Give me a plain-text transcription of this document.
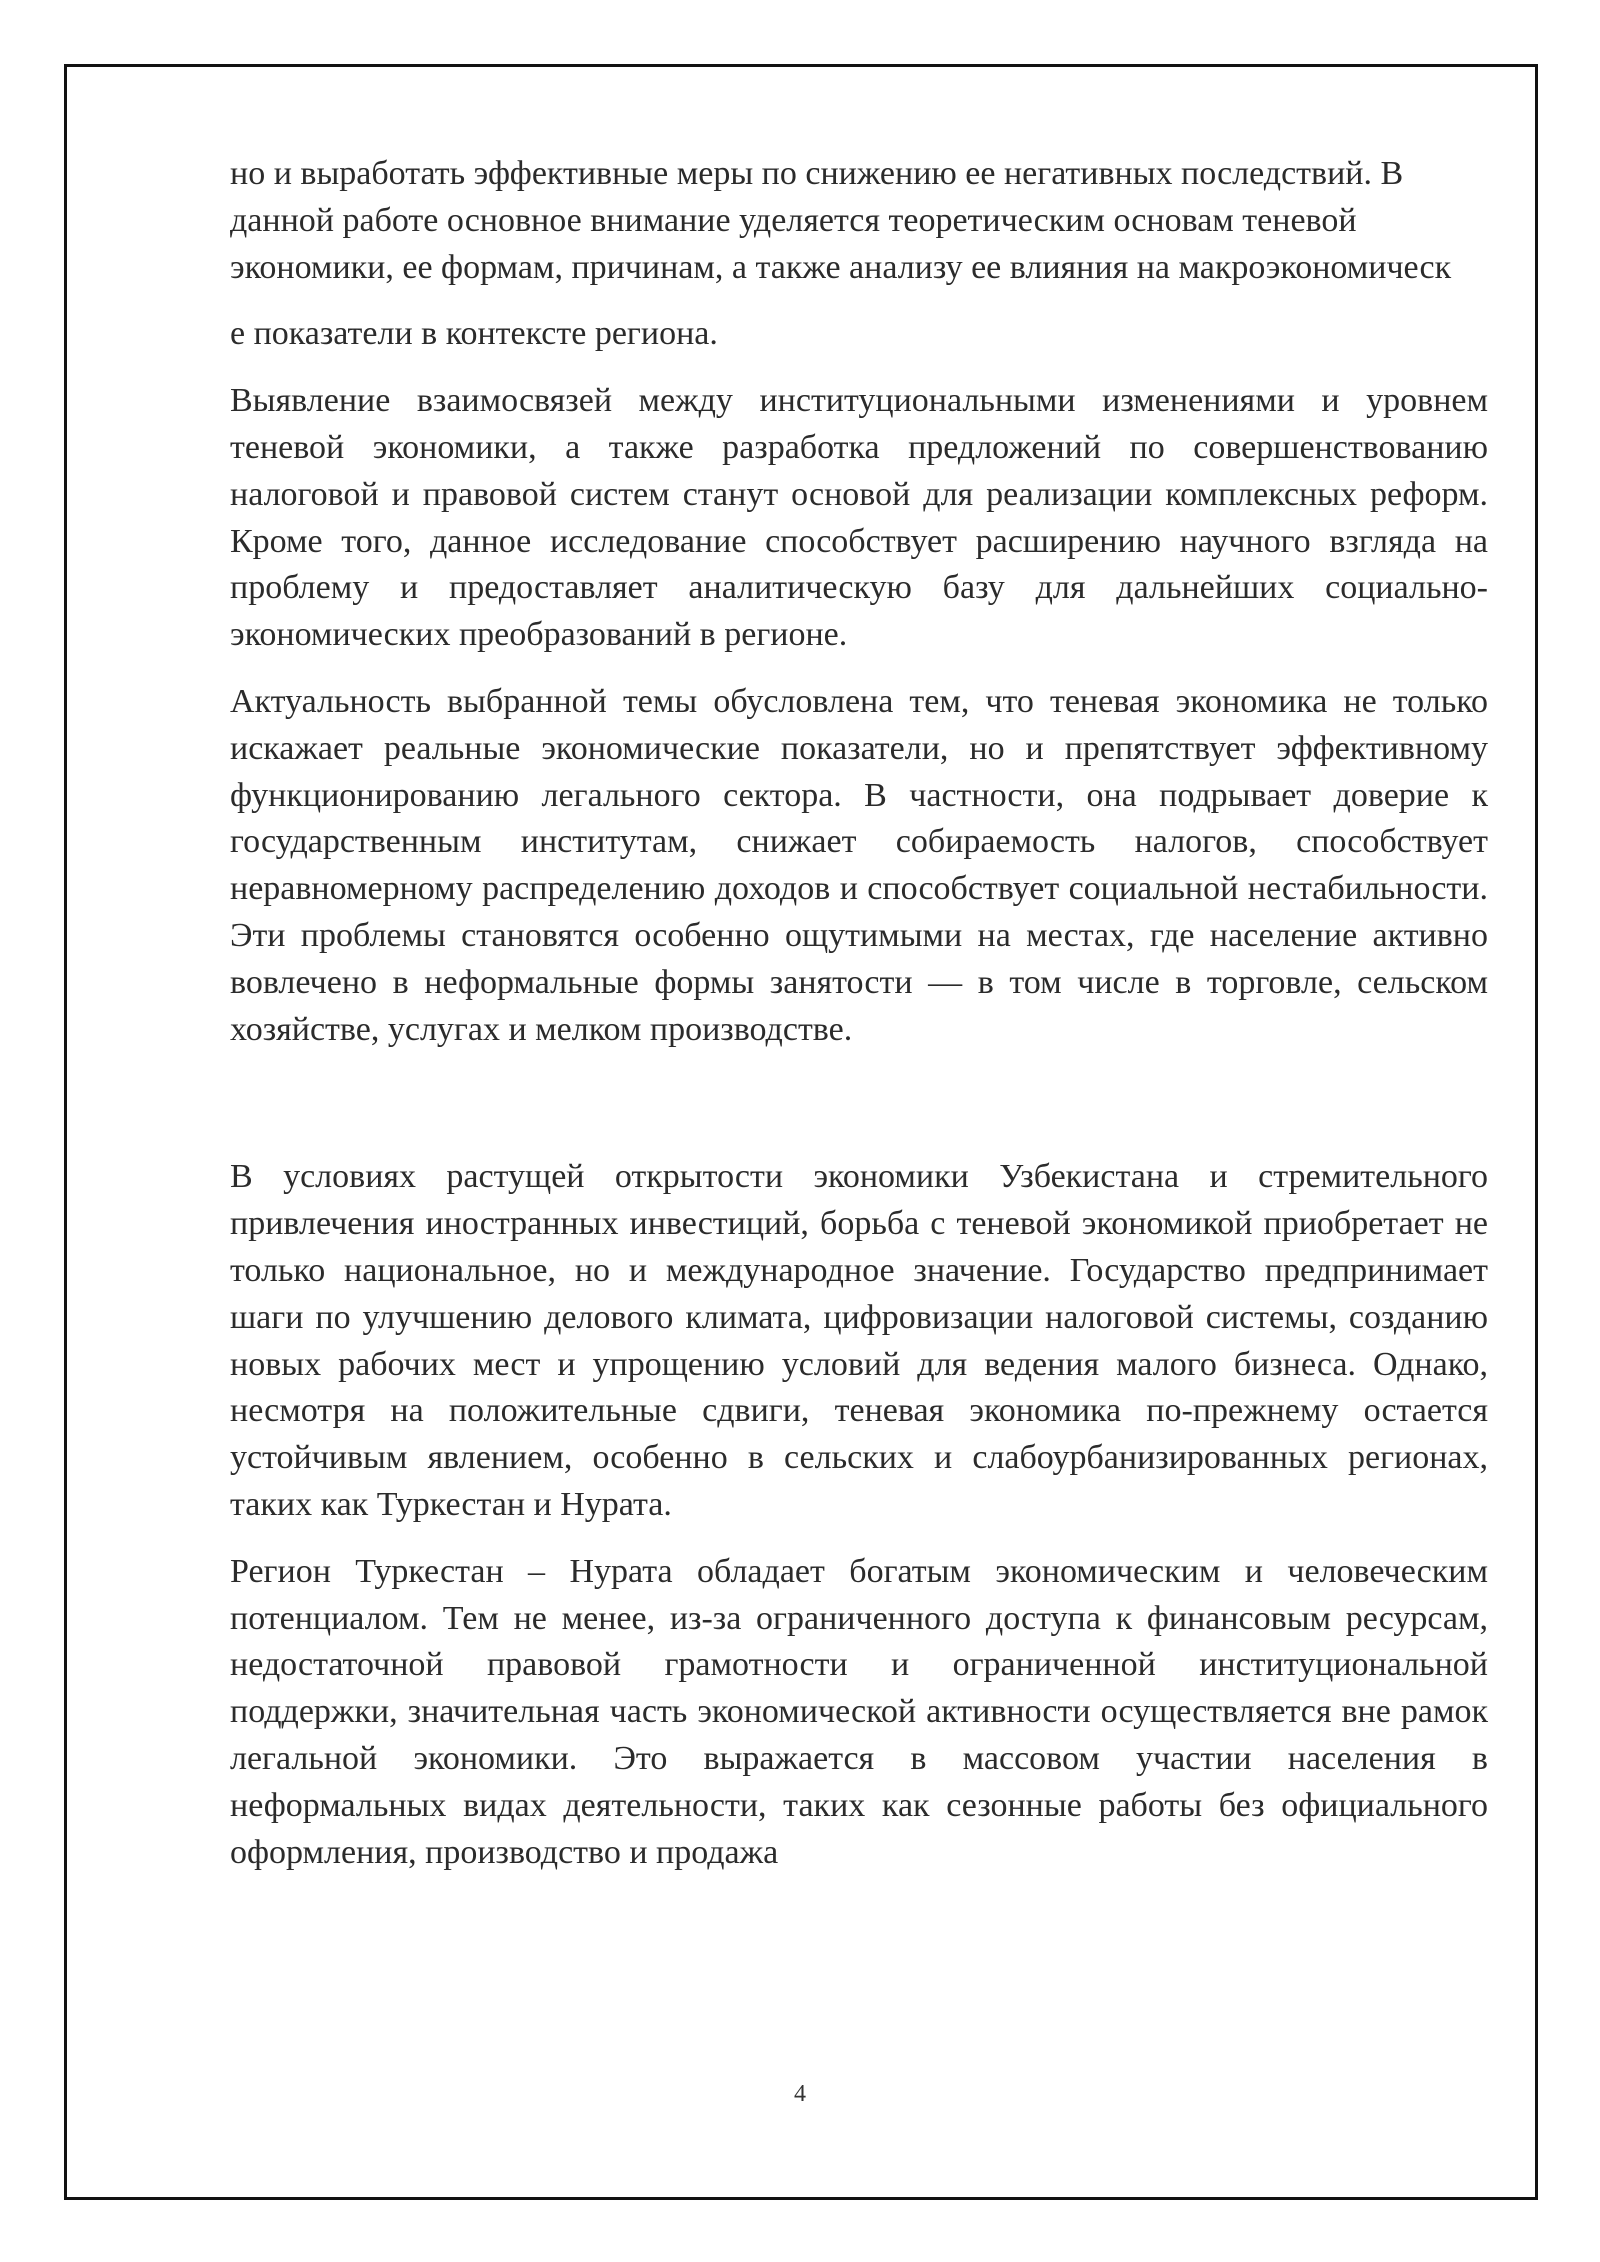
но и выработать эффективные меры по снижению ее негативных последствий. В данной работе основное внимание уделяется теоретическим основам теневой экономики, ее формам, причинам, а также анализу ее влияния на макроэкономическ

е показатели в контексте региона.

Выявление взаимосвязей между институциональными изменениями и уровнем теневой экономики, а также разработка предложений по совершенствованию налоговой и правовой систем станут основой для реализации комплексных реформ. Кроме того, данное исследование способствует расширению научного взгляда на проблему и предоставляет аналитическую базу для дальнейших социально-экономических преобразований в регионе.

Актуальность выбранной темы обусловлена тем, что теневая экономика не только искажает реальные экономические показатели, но и препятствует эффективному функционированию легального сектора. В частности, она подрывает доверие к государственным институтам, снижает собираемость налогов, способствует неравномерному распределению доходов и способствует социальной нестабильности. Эти проблемы становятся особенно ощутимыми на местах, где население активно вовлечено в неформальные формы занятости — в том числе в торговле, сельском хозяйстве, услугах и мелком производстве.

В условиях растущей открытости экономики Узбекистана и стремительного привлечения иностранных инвестиций, борьба с теневой экономикой приобретает не только национальное, но и международное значение. Государство предпринимает шаги по улучшению делового климата, цифровизации налоговой системы, созданию новых рабочих мест и упрощению условий для ведения малого бизнеса. Однако, несмотря на положительные сдвиги, теневая экономика по-прежнему остается устойчивым явлением, особенно в сельских и слабоурбанизированных регионах, таких как Туркестан и Нурата.

Регион Туркестан – Нурата обладает богатым экономическим и человеческим потенциалом. Тем не менее, из-за ограниченного доступа к финансовым ресурсам, недостаточной правовой грамотности и ограниченной институциональной поддержки, значительная часть экономической активности осуществляется вне рамок легальной экономики. Это выражается в массовом участии населения в неформальных видах деятельности, таких как сезонные работы без официального оформления, производство и продажа

4
